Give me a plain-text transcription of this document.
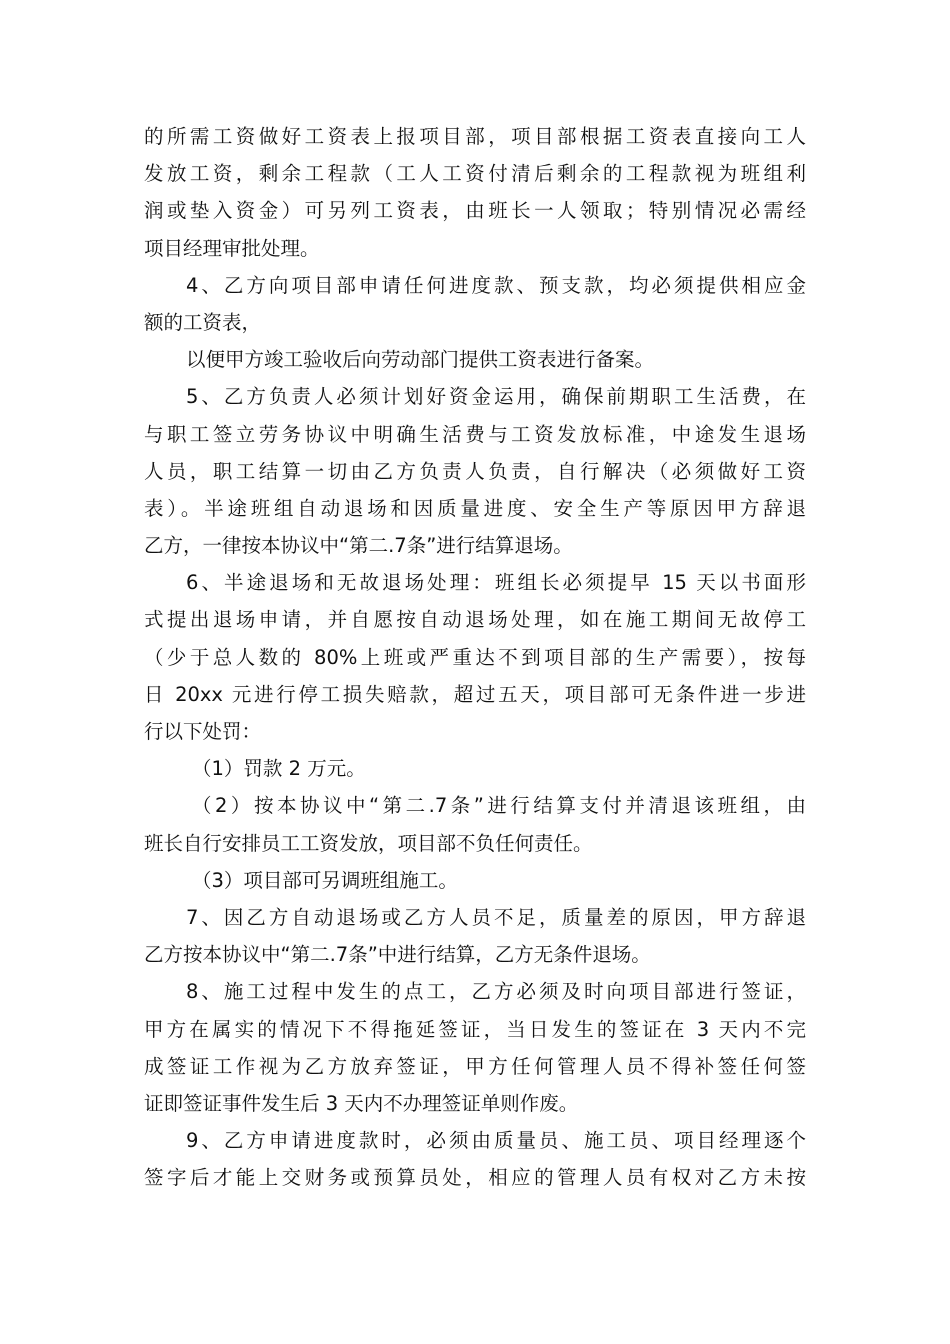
的所需工资做好工资表上报项目部，项目部根据工资表直接向工人
发放工资，剩余工程款（工人工资付清后剩余的工程款视为班组利
润或垫入资金）可另列工资表，由班长一人领取；特别情况必需经
项目经理审批处理。
4、乙方向项目部申请任何进度款、预支款，均必须提供相应金
额的工资表，
以便甲方竣工验收后向劳动部门提供工资表进行备案。
5、乙方负责人必须计划好资金运用，确保前期职工生活费，在
与职工签立劳务协议中明确生活费与工资发放标准，中途发生退场
人员，职工结算一切由乙方负责人负责，自行解决（必须做好工资
表）。半途班组自动退场和因质量进度、安全生产等原因甲方辞退
乙方，一律按本协议中“第二.7条”进行结算退场。
6、半途退场和无故退场处理：班组长必须提早 15 天以书面形
式提出退场申请，并自愿按自动退场处理，如在施工期间无故停工
（少于总人数的 80%上班或严重达不到项目部的生产需要），按每
日 20xx 元进行停工损失赔款，超过五天，项目部可无条件进一步进
行以下处罚：
（1）罚款 2 万元。
（2）按本协议中“第二.7条”进行结算支付并清退该班组，由
班长自行安排员工工资发放，项目部不负任何责任。
（3）项目部可另调班组施工。
7、因乙方自动退场或乙方人员不足，质量差的原因，甲方辞退
乙方按本协议中“第二.7条”中进行结算，乙方无条件退场。
8、施工过程中发生的点工，乙方必须及时向项目部进行签证，
甲方在属实的情况下不得拖延签证，当日发生的签证在 3 天内不完
成签证工作视为乙方放弃签证，甲方任何管理人员不得补签任何签
证即签证事件发生后 3 天内不办理签证单则作废。
9、乙方申请进度款时，必须由质量员、施工员、项目经理逐个
签字后才能上交财务或预算员处，相应的管理人员有权对乙方未按
